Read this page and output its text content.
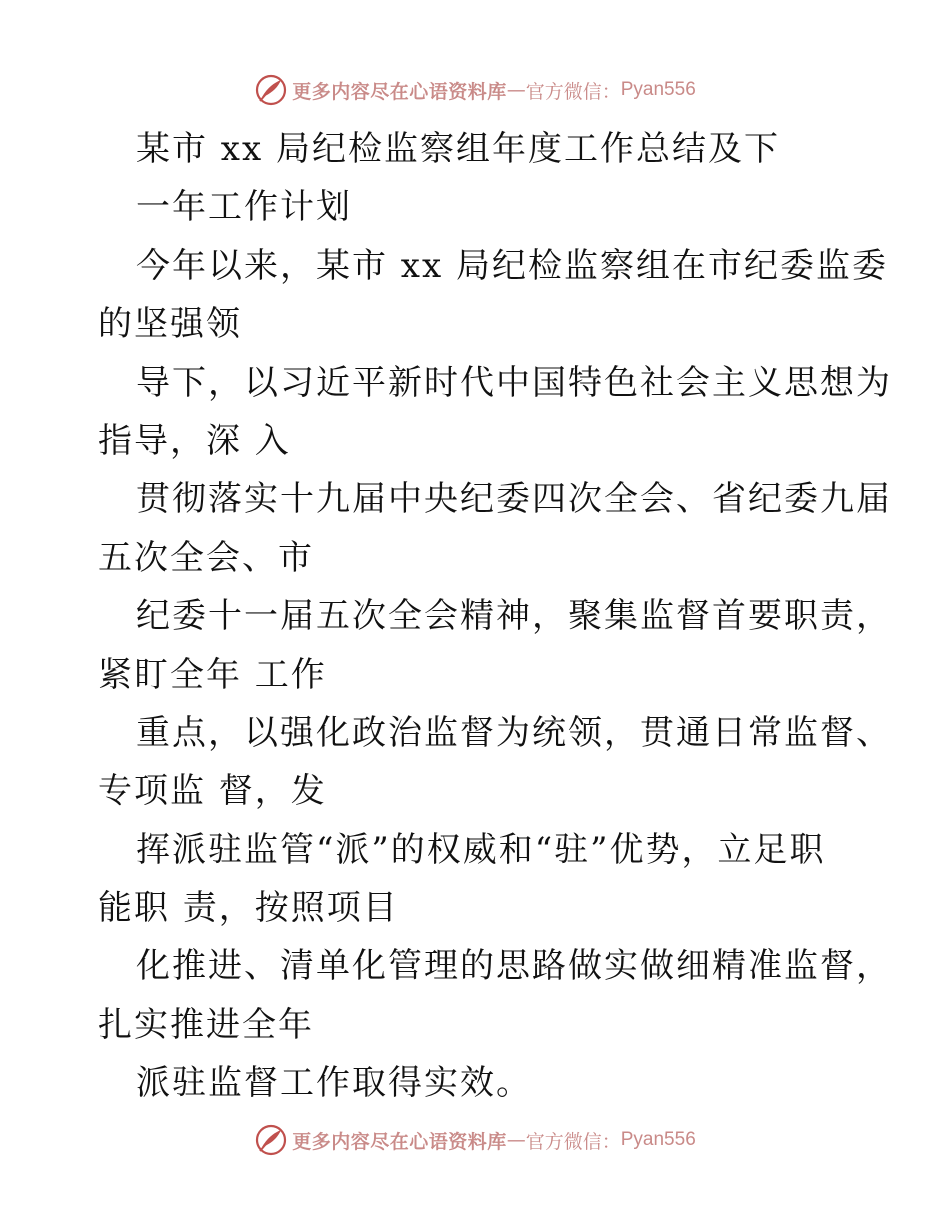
更多内容尽在心语资料库 — 官方微信： Pyan556
某市 xx 局纪检监察组年度工作总结及下
一年工作计划
今年以来，某市 xx 局纪检监察组在市纪委监委
的坚强领
导下，以习近平新时代中国特色社会主义思想为
指导，深 入
贯彻落实十九届中央纪委四次全会、省纪委九届
五次全会、市
纪委十一届五次全会精神，聚集监督首要职责，
紧盯全年 工作
重点，以强化政治监督为统领，贯通日常监督、
专项监 督，发
挥派驻监管“派”的权威和“驻”优势，立足职
能职 责，按照项目
化推进、清单化管理的思路做实做细精准监督，
扎实推进全年
派驻监督工作取得实效。
更多内容尽在心语资料库 — 官方微信： Pyan556
